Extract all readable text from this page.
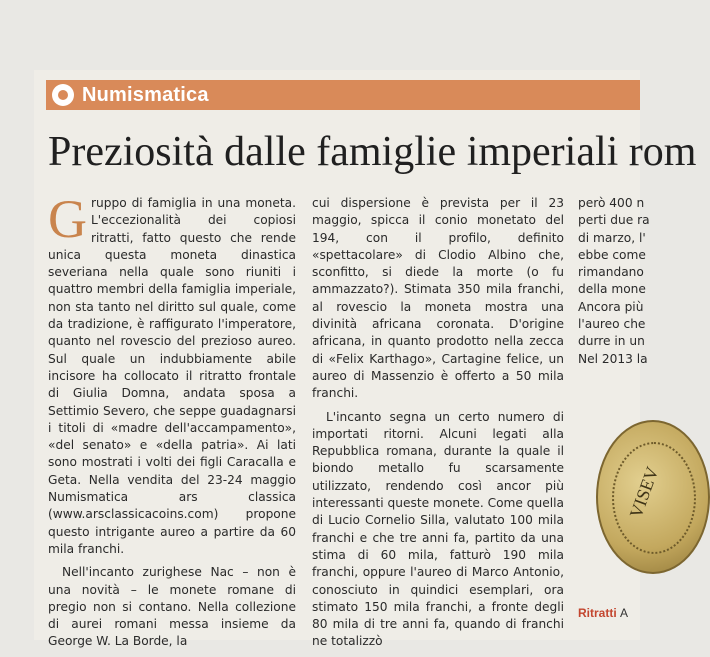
Numismatica
Preziosità dalle famiglie imperiali rom

Gruppo di famiglia in una moneta. L'eccezionalità dei copiosi ritratti, fatto questo che rende unica questa moneta dinastica severiana nella quale sono riuniti i quattro membri della famiglia imperiale, non sta tanto nel diritto sul quale, come da tradizione, è raffigurato l'imperatore, quanto nel rovescio del prezioso aureo. Sul quale un indubbiamente abile incisore ha collocato il ritratto frontale di Giulia Domna, andata sposa a Settimio Severo, che seppe guadagnarsi i titoli di «madre dell'accampamento», «del senato» e «della patria». Ai lati sono mostrati i volti dei figli Caracalla e Geta. Nella vendita del 23-24 maggio Numismatica ars classica (www.arsclassicacoins.com) propone questo intrigante aureo a partire da 60 mila franchi.

Nell'incanto zurighese Nac – non è una novità – le monete romane di pregio non si contano. Nella collezione di aurei romani messa insieme da George W. La Borde, la

cui dispersione è prevista per il 23 maggio, spicca il conio monetato del 194, con il profilo, definito «spettacolare» di Clodio Albino che, sconfitto, si diede la morte (o fu ammazzato?). Stimata 350 mila franchi, al rovescio la moneta mostra una divinità africana coronata. D'origine africana, in quanto prodotto nella zecca di «Felix Karthago», Cartagine felice, un aureo di Massenzio è offerto a 50 mila franchi.

L'incanto segna un certo numero di importati ritorni. Alcuni legati alla Repubblica romana, durante la quale il biondo metallo fu scarsamente utilizzato, rendendo così ancor più interessanti queste monete. Come quella di Lucio Cornelio Silla, valutato 100 mila franchi e che tre anni fa, partito da una stima di 60 mila, fatturò 190 mila franchi, oppure l'aureo di Marco Antonio, conosciuto in quindici esemplari, ora stimato 150 mila franchi, a fronte degli 80 mila di tre anni fa, quando di franchi ne totalizzò

però 400 n
perti due ra
di marzo, l'
ebbe come
rimandano
della mone
Ancora più
l'aureo che
durre in un
Nel 2013 la
VISEV
Ritratti A
